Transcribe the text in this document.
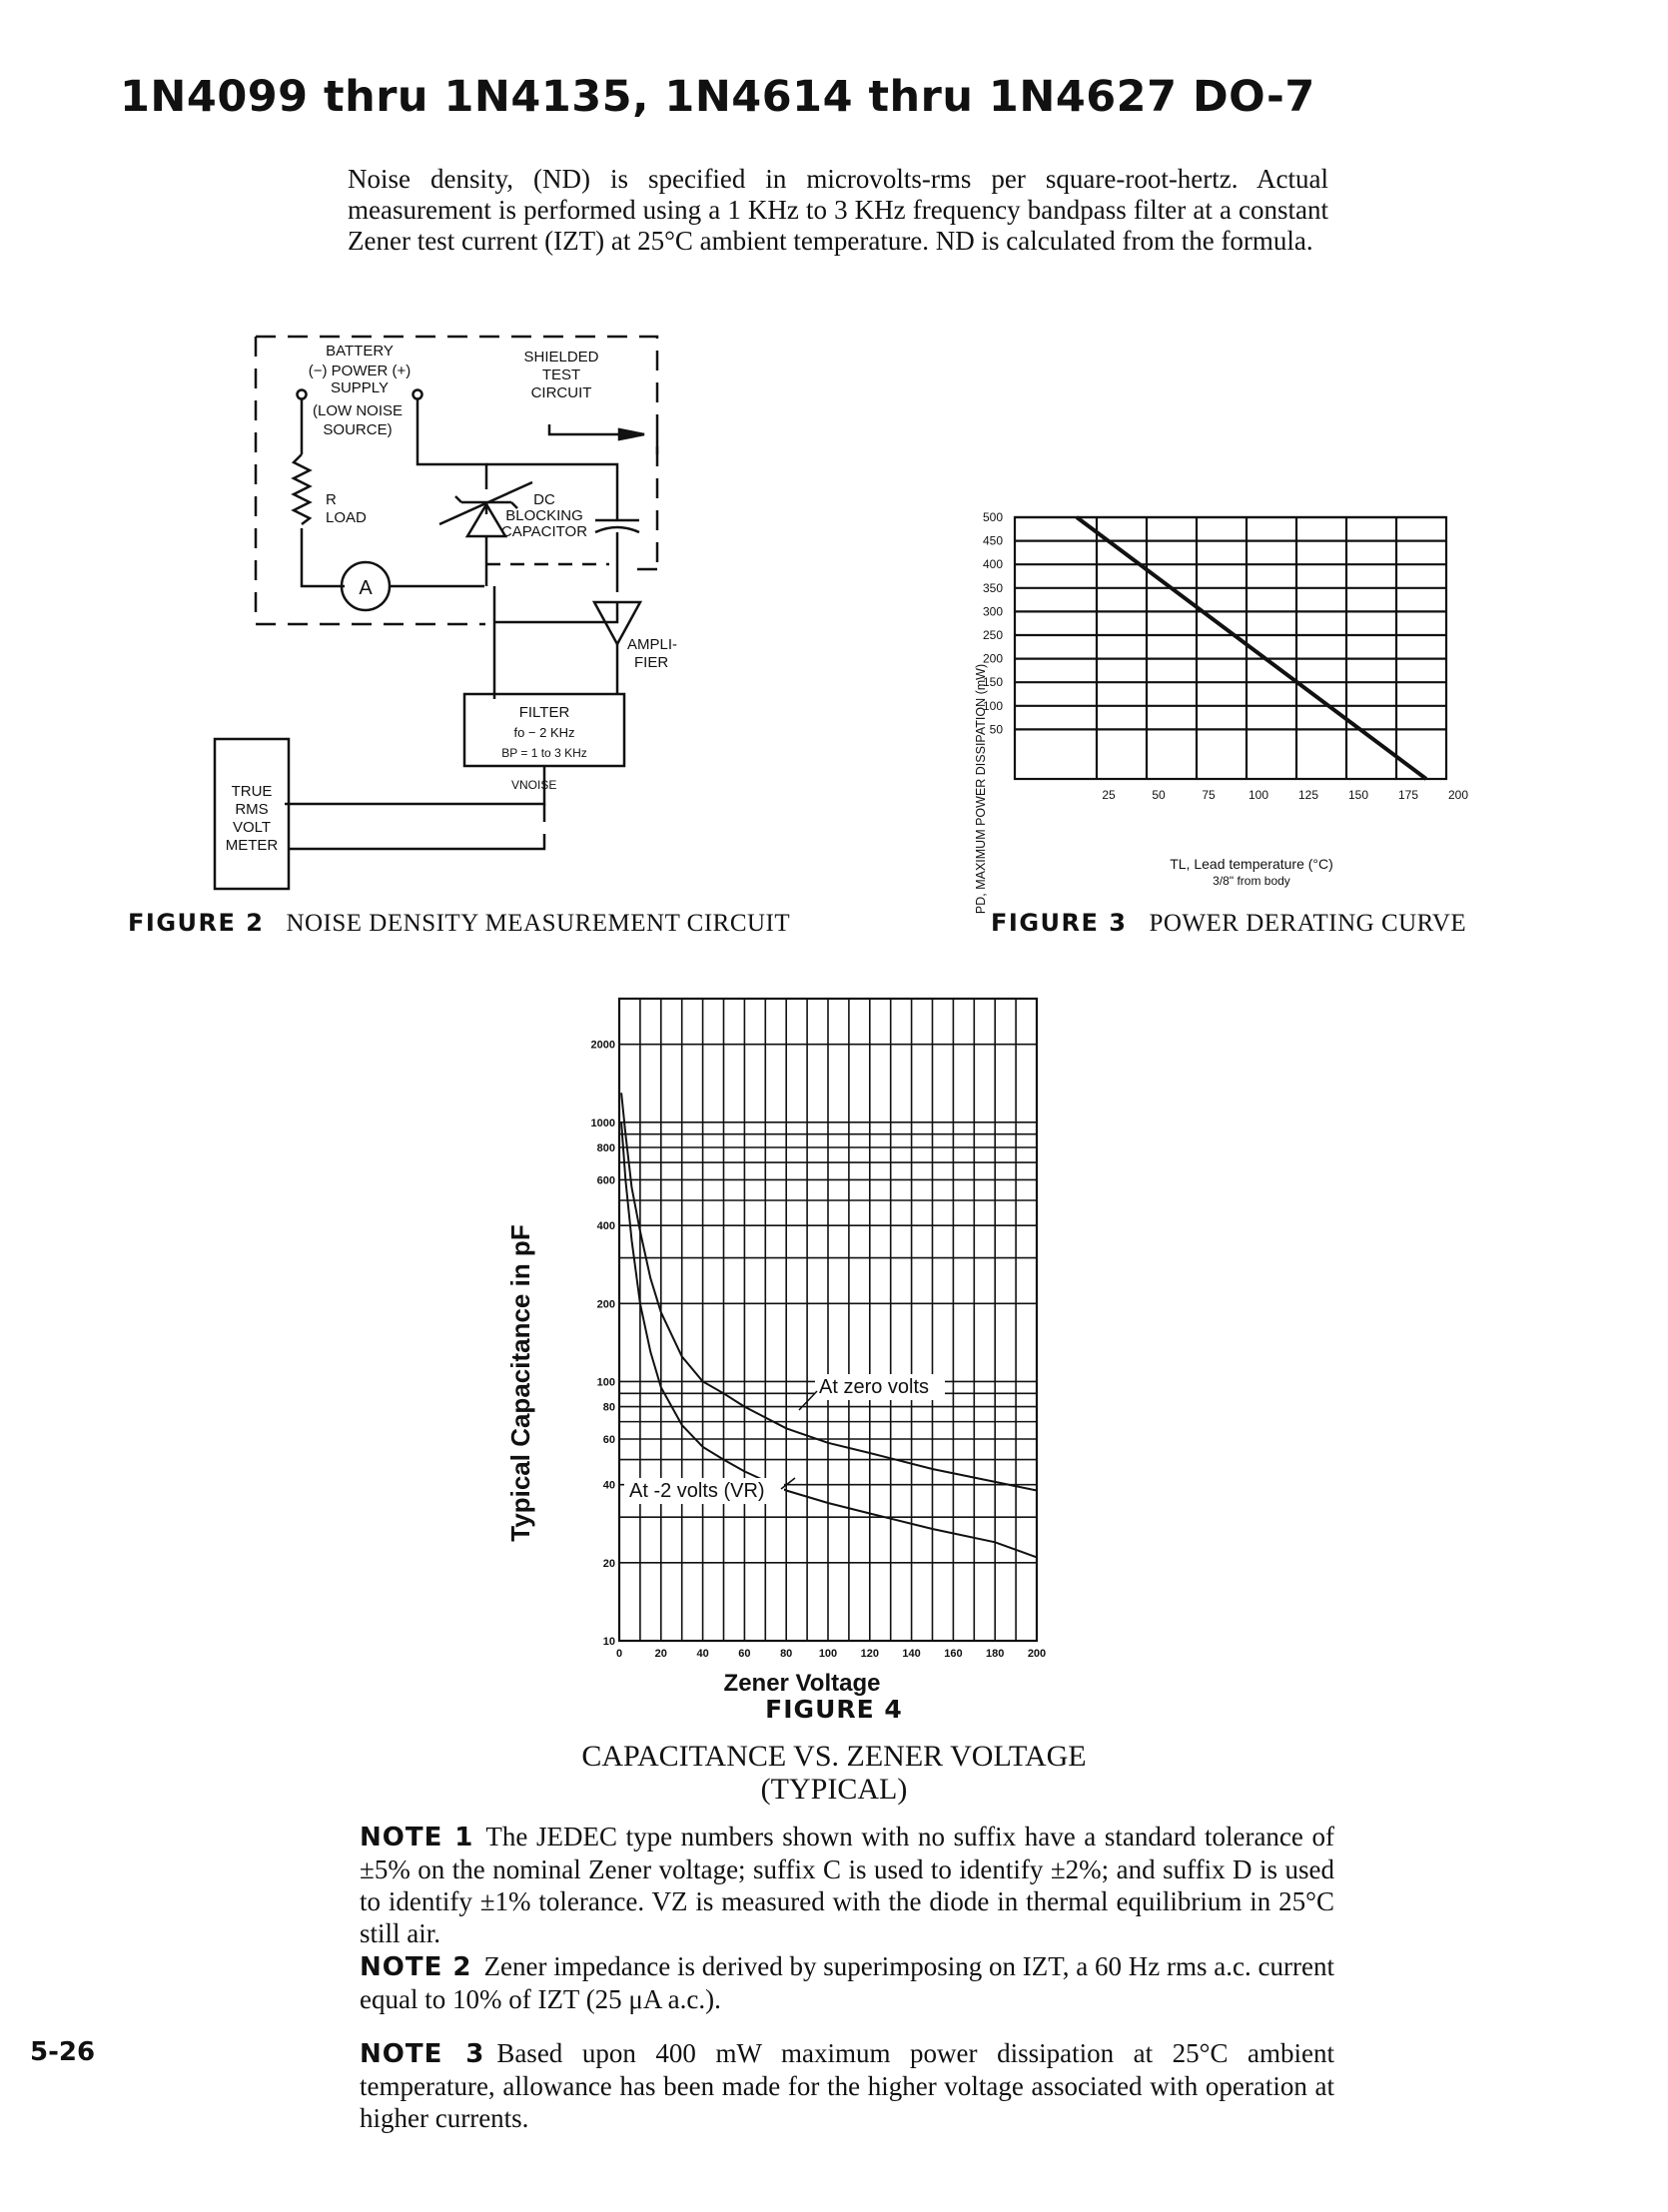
1N4099 thru 1N4135, 1N4614 thru 1N4627 DO-7
Noise density, (ND) is specified in microvolts-rms per square-root-hertz. Actual measurement is performed using a 1 KHz to 3 KHz frequency bandpass filter at a constant Zener test current (IZT) at 25°C ambient temperature. ND is calculated from the formula.
BATTERY
(−) POWER (+)
SUPPLY
(LOW NOISE
SOURCE)
SHIELDED
TEST
CIRCUIT
R
LOAD
DC
BLOCKING
CAPACITOR
A
AMPLI-
FIER
FILTER
fo − 2 KHz
BP = 1 to 3 KHz
VNOISE
TRUE
RMS
VOLT
METER
FIGURE 2 NOISE DENSITY MEASUREMENT CIRCUIT
25	50	75	100 125 150 175 200
50
100
150
200
250
300
350
400
450
500
PD, MAXIMUM POWER DISSIPATION (mW)	TL, Lead temperature (°C)
3/8" from body
FIGURE 3 POWER DERATING CURVE
0	20	40	60	80 100 120 140 160 180 200
10
20
40
60
80
100
200
400
600
800
1000
2000
At zero volts
At -2 volts (VR)
Typical Capacitance in pF
Zener Voltage
FIGURE 4
CAPACITANCE VS. ZENER VOLTAGE
(TYPICAL)
NOTE 1 The JEDEC type numbers shown with no suffix have a standard tolerance of ±5% on the nominal Zener voltage; suffix C is used to identify ±2%; and suffix D is used to identify ±1% tolerance. VZ is measured with the diode in thermal equilibrium in 25°C still air.
NOTE 2 Zener impedance is derived by superimposing on IZT, a 60 Hz rms a.c. current equal to 10% of IZT (25 μA a.c.).
NOTE 3 Based upon 400 mW maximum power dissipation at 25°C ambient temperature, allowance has been made for the higher voltage associated with operation at higher currents.
5-26
